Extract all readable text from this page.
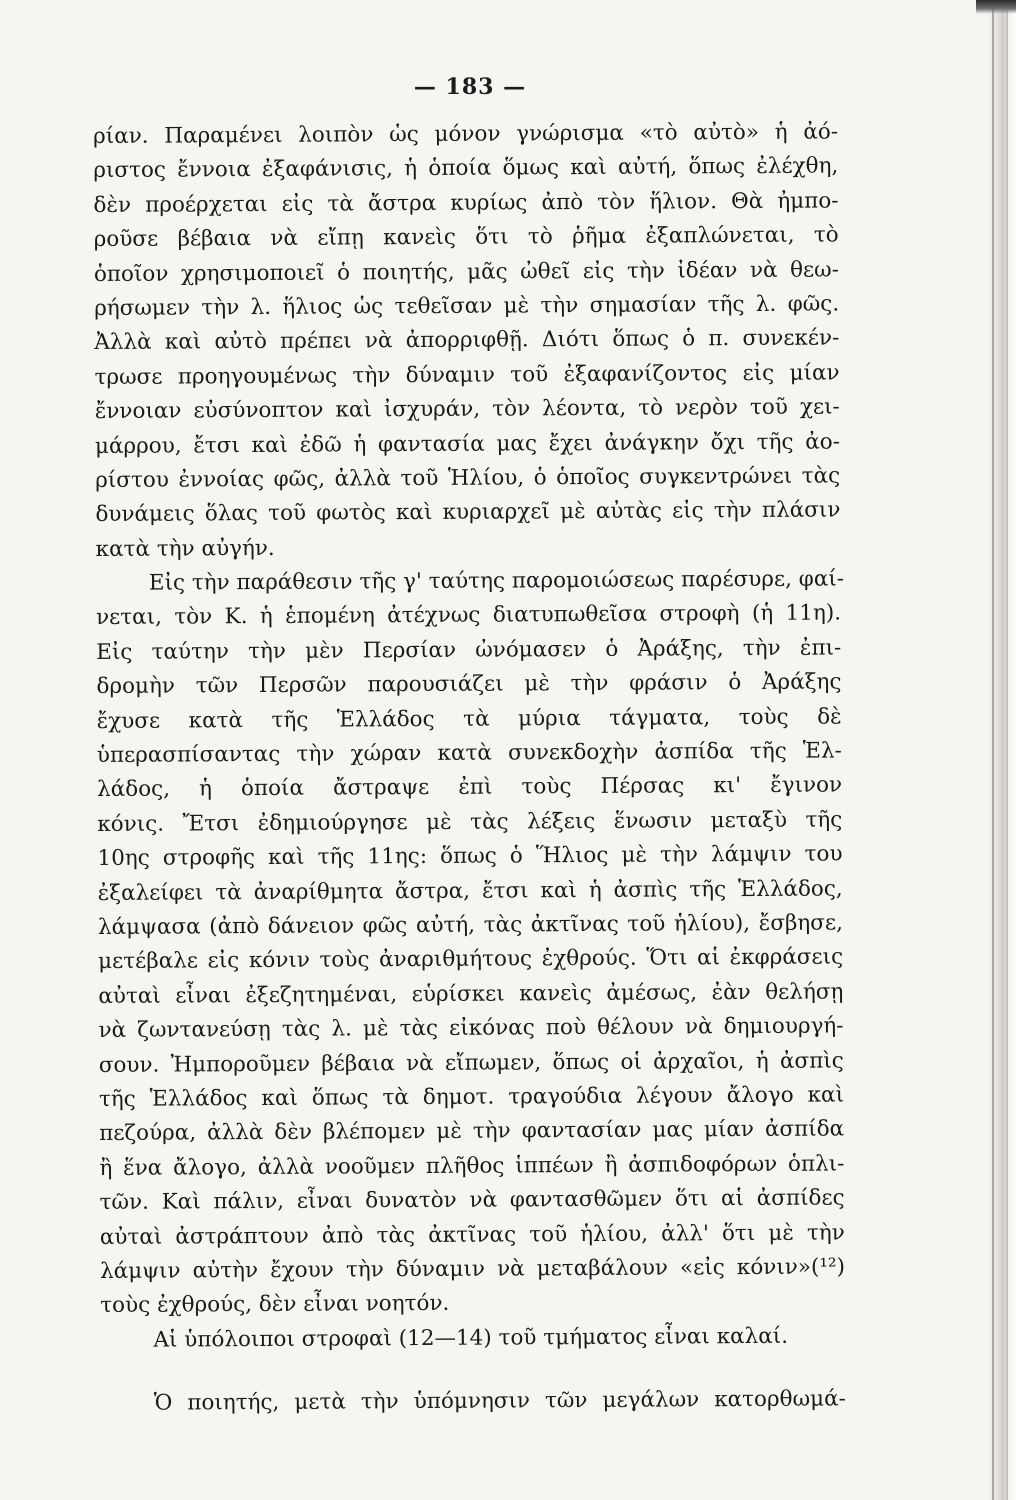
— 183 —
ρίαν. Παραμένει λοιπὸν ὡς μόνον γνώρισμα «τὸ αὐτὸ» ἡ ἀό-
ριστος ἔννοια ἐξαφάνισις, ἡ ὁποία ὅμως καὶ αὐτή, ὅπως ἐλέχθη,
δὲν προέρχεται εἰς τὰ ἄστρα κυρίως ἀπὸ τὸν ἥλιον. Θὰ ἠμπο-
ροῦσε βέβαια νὰ εἴπῃ κανεὶς ὅτι τὸ ῥῆμα ἐξαπλώνεται, τὸ
ὁποῖον χρησιμοποιεῖ ὁ ποιητής, μᾶς ὠθεῖ εἰς τὴν ἰδέαν νὰ θεω-
ρήσωμεν τὴν λ. ἥλιος ὡς τεθεῖσαν μὲ τὴν σημασίαν τῆς λ. φῶς.
Ἀλλὰ καὶ αὐτὸ πρέπει νὰ ἀπορριφθῇ. Διότι ὅπως ὁ π. συνεκέν-
τρωσε προηγουμένως τὴν δύναμιν τοῦ ἐξαφανίζοντος εἰς μίαν
ἔννοιαν εὐσύνοπτον καὶ ἰσχυράν, τὸν λέοντα, τὸ νερὸν τοῦ χει-
μάρρου, ἔτσι καὶ ἐδῶ ἡ φαντασία μας ἔχει ἀνάγκην ὄχι τῆς ἀο-
ρίστου ἐννοίας φῶς, ἀλλὰ τοῦ Ἡλίου, ὁ ὁποῖος συγκεντρώνει τὰς
δυνάμεις ὅλας τοῦ φωτὸς καὶ κυριαρχεῖ μὲ αὐτὰς εἰς τὴν πλάσιν
κατὰ τὴν αὐγήν.
Εἰς τὴν παράθεσιν τῆς γ' ταύτης παρομοιώσεως παρέσυρε, φαί-
νεται, τὸν Κ. ἡ ἑπομένη ἀτέχνως διατυπωθεῖσα στροφὴ (ἡ 11η).
Εἰς ταύτην τὴν μὲν Περσίαν ὠνόμασεν ὁ Ἀράξης, τὴν ἐπι-
δρομὴν τῶν Περσῶν παρουσιάζει μὲ τὴν φράσιν ὁ Ἀράξης
ἔχυσε κατὰ τῆς Ἑλλάδος τὰ μύρια τάγματα, τοὺς δὲ
ὑπερασπίσαντας τὴν χώραν κατὰ συνεκδοχὴν ἀσπίδα τῆς Ἑλ-
λάδος, ἡ ὁποία ἄστραψε ἐπὶ τοὺς Πέρσας κι' ἔγινον
κόνις. Ἔτσι ἐδημιούργησε μὲ τὰς λέξεις ἕνωσιν μεταξὺ τῆς
10ης στροφῆς καὶ τῆς 11ης: ὅπως ὁ Ἥλιος μὲ τὴν λάμψιν του
ἐξαλείφει τὰ ἀναρίθμητα ἄστρα, ἔτσι καὶ ἡ ἀσπὶς τῆς Ἑλλάδος,
λάμψασα (ἀπὸ δάνειον φῶς αὐτή, τὰς ἀκτῖνας τοῦ ἡλίου), ἔσβησε,
μετέβαλε εἰς κόνιν τοὺς ἀναριθμήτους ἐχθρούς. Ὅτι αἱ ἐκφράσεις
αὐταὶ εἶναι ἐξεζητημέναι, εὑρίσκει κανεὶς ἀμέσως, ἐὰν θελήσῃ
νὰ ζωντανεύσῃ τὰς λ. μὲ τὰς εἰκόνας ποὺ θέλουν νὰ δημιουργή-
σουν. Ἠμποροῦμεν βέβαια νὰ εἴπωμεν, ὅπως οἱ ἀρχαῖοι, ἡ ἀσπὶς
τῆς Ἑλλάδος καὶ ὅπως τὰ δημοτ. τραγούδια λέγουν ἄλογο καὶ
πεζούρα, ἀλλὰ δὲν βλέπομεν μὲ τὴν φαντασίαν μας μίαν ἀσπίδα
ἢ ἕνα ἄλογο, ἀλλὰ νοοῦμεν πλῆθος ἱππέων ἢ ἀσπιδοφόρων ὁπλι-
τῶν. Καὶ πάλιν, εἶναι δυνατὸν νὰ φαντασθῶμεν ὅτι αἱ ἀσπίδες
αὐταὶ ἀστράπτουν ἀπὸ τὰς ἀκτῖνας τοῦ ἡλίου, ἀλλ' ὅτι μὲ τὴν
λάμψιν αὐτὴν ἔχουν τὴν δύναμιν νὰ μεταβάλουν «εἰς κόνιν»(¹²)
τοὺς ἐχθρούς, δὲν εἶναι νοητόν.
Αἱ ὑπόλοιποι στροφαὶ (12—14) τοῦ τμήματος εἶναι καλαί.
Ὁ ποιητής, μετὰ τὴν ὑπόμνησιν τῶν μεγάλων κατορθωμά-
